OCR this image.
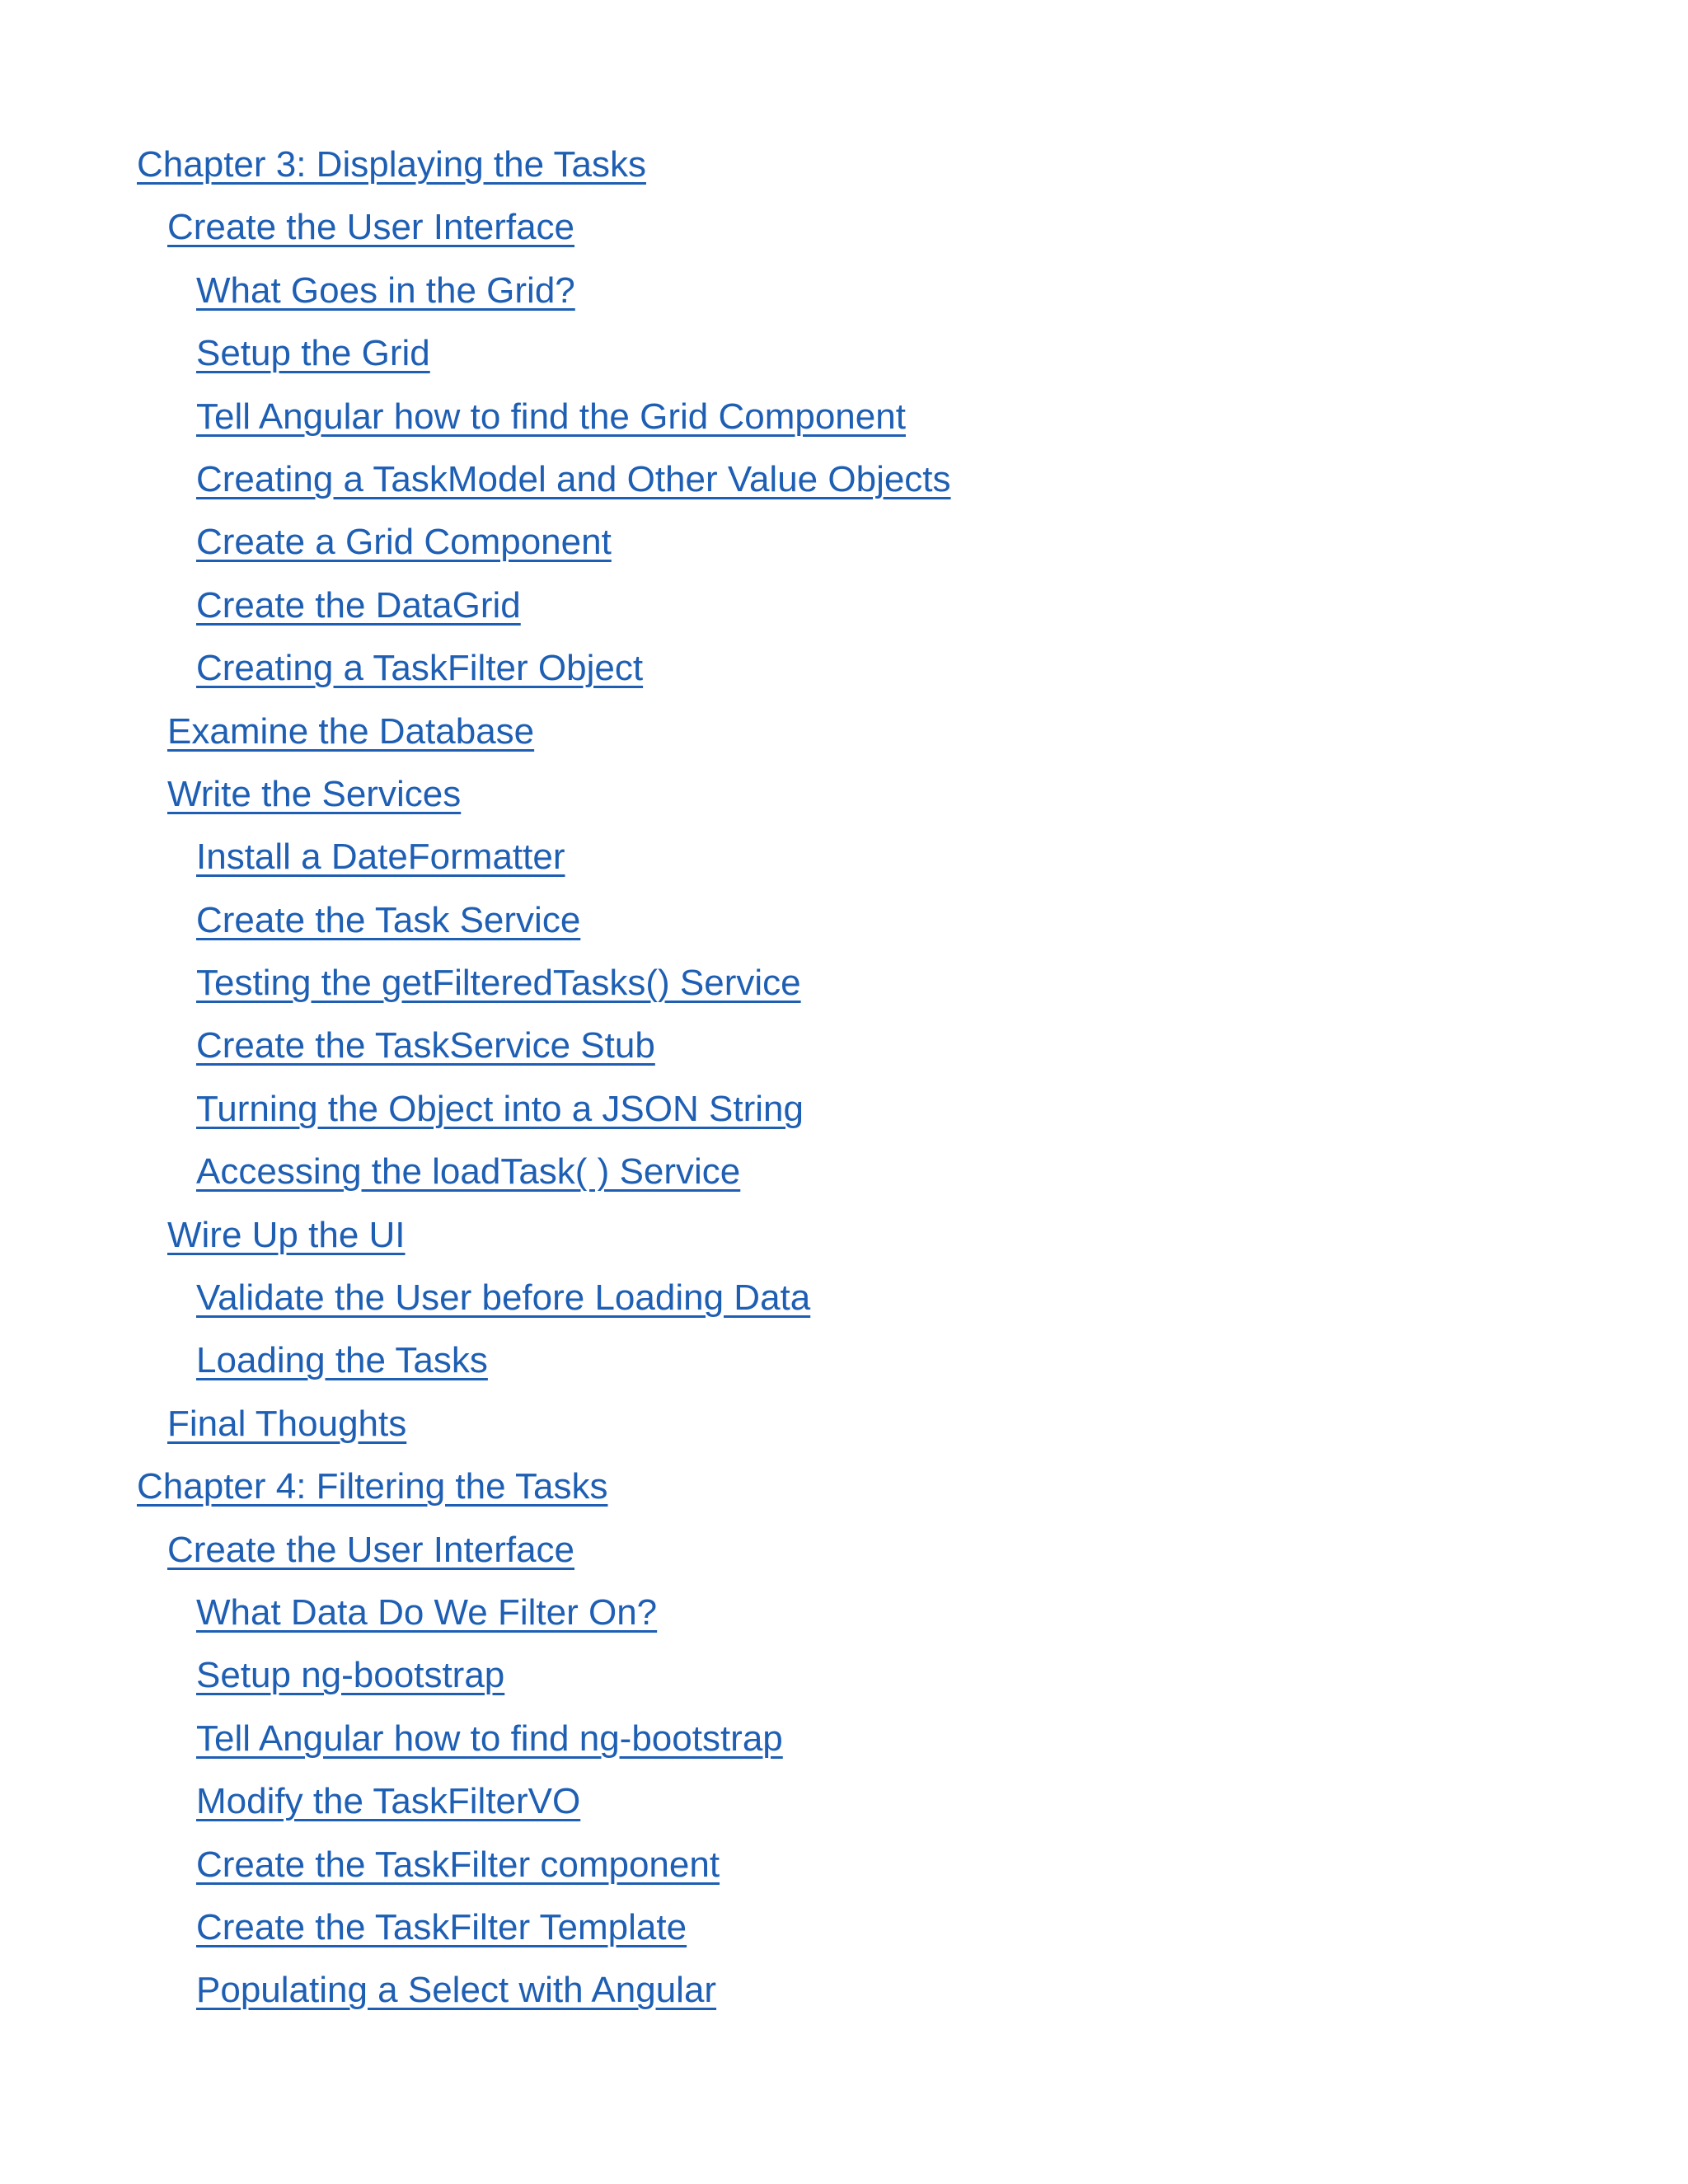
Chapter 3: Displaying the Tasks
Create the User Interface
What Goes in the Grid?
Setup the Grid
Tell Angular how to find the Grid Component
Creating a TaskModel and Other Value Objects
Create a Grid Component
Create the DataGrid
Creating a TaskFilter Object
Examine the Database
Write the Services
Install a DateFormatter
Create the Task Service
Testing the getFilteredTasks() Service
Create the TaskService Stub
Turning the Object into a JSON String
Accessing the loadTask( ) Service
Wire Up the UI
Validate the User before Loading Data
Loading the Tasks
Final Thoughts
Chapter 4: Filtering the Tasks
Create the User Interface
What Data Do We Filter On?
Setup ng-bootstrap
Tell Angular how to find ng-bootstrap
Modify the TaskFilterVO
Create the TaskFilter component
Create the TaskFilter Template
Populating a Select with Angular
